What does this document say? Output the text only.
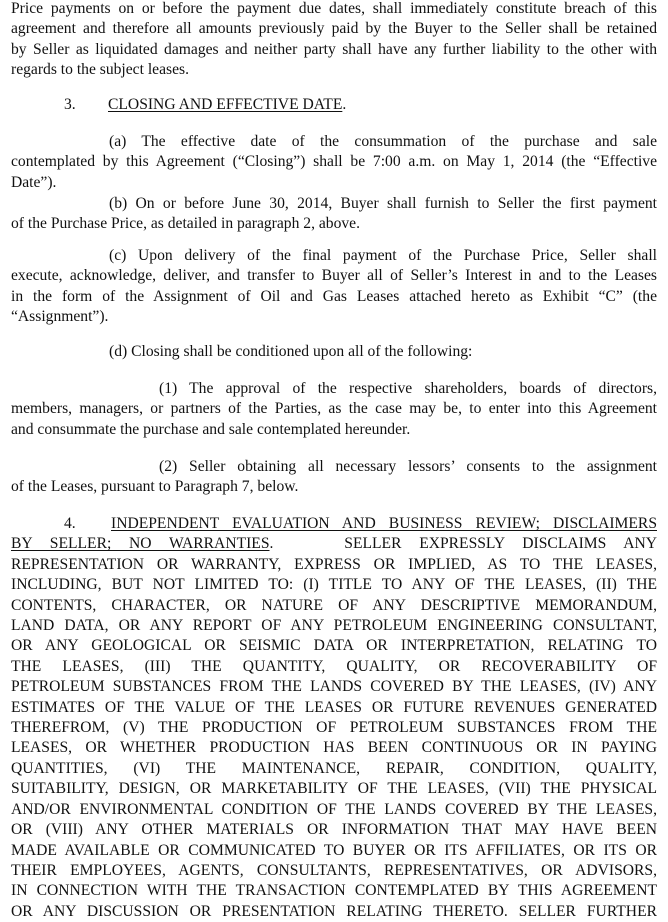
Price payments on or before the payment due dates, shall immediately constitute breach of this
agreement and therefore all amounts previously paid by the Buyer to the Seller shall be retained
by Seller as liquidated damages and neither party shall have any further liability to the other with
regards to the subject leases.
3. CLOSING AND EFFECTIVE DATE.
(a) The effective date of the consummation of the purchase and sale
contemplated by this Agreement (“Closing”) shall be 7:00 a.m. on May 1, 2014 (the “Effective
Date”).
(b) On or before June 30, 2014, Buyer shall furnish to Seller the first payment
of the Purchase Price, as detailed in paragraph 2, above.
(c) Upon delivery of the final payment of the Purchase Price, Seller shall
execute, acknowledge, deliver, and transfer to Buyer all of Seller’s Interest in and to the Leases
in the form of the Assignment of Oil and Gas Leases attached hereto as Exhibit “C” (the
“Assignment”).
(d) Closing shall be conditioned upon all of the following:
(1) The approval of the respective shareholders, boards of directors,
members, managers, or partners of the Parties, as the case may be, to enter into this Agreement
and consummate the purchase and sale contemplated hereunder.
(2) Seller obtaining all necessary lessors’ consents to the assignment
of the Leases, pursuant to Paragraph 7, below.
4. INDEPENDENT EVALUATION AND BUSINESS REVIEW; DISCLAIMERS
BY SELLER; NO WARRANTIES.    SELLER EXPRESSLY DISCLAIMS ANY
REPRESENTATION OR WARRANTY, EXPRESS OR IMPLIED, AS TO THE LEASES,
INCLUDING, BUT NOT LIMITED TO: (I) TITLE TO ANY OF THE LEASES, (II) THE
CONTENTS, CHARACTER, OR NATURE OF ANY DESCRIPTIVE MEMORANDUM,
LAND DATA, OR ANY REPORT OF ANY PETROLEUM ENGINEERING CONSULTANT,
OR ANY GEOLOGICAL OR SEISMIC DATA OR INTERPRETATION, RELATING TO
THE LEASES, (III) THE QUANTITY, QUALITY, OR RECOVERABILITY OF
PETROLEUM SUBSTANCES FROM THE LANDS COVERED BY THE LEASES, (IV) ANY
ESTIMATES OF THE VALUE OF THE LEASES OR FUTURE REVENUES GENERATED
THEREFROM, (V) THE PRODUCTION OF PETROLEUM SUBSTANCES FROM THE
LEASES, OR WHETHER PRODUCTION HAS BEEN CONTINUOUS OR IN PAYING
QUANTITIES, (VI) THE MAINTENANCE, REPAIR, CONDITION, QUALITY,
SUITABILITY, DESIGN, OR MARKETABILITY OF THE LEASES, (VII) THE PHYSICAL
AND/OR ENVIRONMENTAL CONDITION OF THE LANDS COVERED BY THE LEASES,
OR (VIII) ANY OTHER MATERIALS OR INFORMATION THAT MAY HAVE BEEN
MADE AVAILABLE OR COMMUNICATED TO BUYER OR ITS AFFILIATES, OR ITS OR
THEIR EMPLOYEES, AGENTS, CONSULTANTS, REPRESENTATIVES, OR ADVISORS,
IN CONNECTION WITH THE TRANSACTION CONTEMPLATED BY THIS AGREEMENT
OR ANY DISCUSSION OR PRESENTATION RELATING THERETO. SELLER FURTHER
